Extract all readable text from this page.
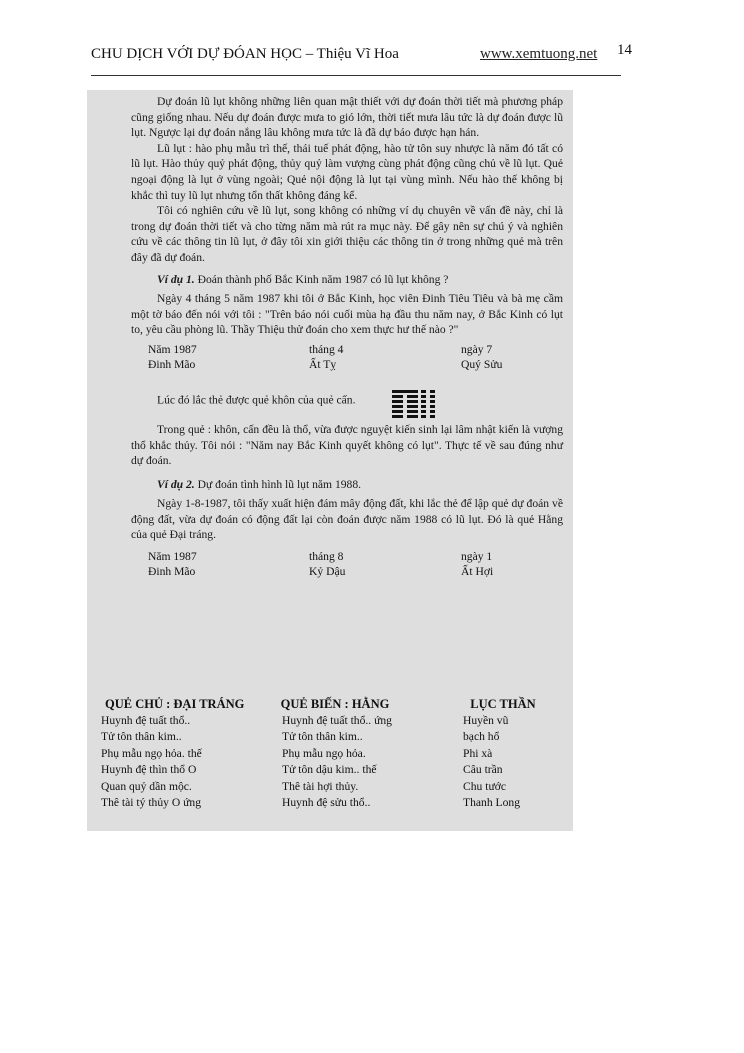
CHU DỊCH VỚI DỰ ĐÓAN HỌC – Thiệu Vĩ Hoa	www.xemtuong.net 14

Dự đoán lũ lụt không những liên quan mật thiết với dự đoán thời tiết mà phương pháp cũng giống nhau. Nếu dự đoán được mưa to gió lớn, thời tiết mưa lâu tức là dự đoán được lũ lụt. Ngược lại dự đoán nắng lâu không mưa tức là đã dự báo được hạn hán.

Lũ lụt : hào phụ mẫu trì thế, thái tuế phát động, hào tử tôn suy nhược là năm đó tất có lũ lụt. Hào thủy quỷ phát động, thủy quỷ làm vượng cùng phát động cũng chủ về lũ lụt. Quẻ ngoại động là lụt ở vùng ngoài; Quẻ nội động là lụt tại vùng mình. Nếu hào thế không bị khắc thì tuy lũ lụt nhưng tổn thất không đáng kể.

Tôi có nghiên cứu về lũ lụt, song không có những ví dụ chuyên về vấn đề này, chỉ là trong dự đoán thời tiết và cho từng năm mà rút ra mục này. Để gây nên sự chú ý và nghiên cứu về các thông tin lũ lụt, ở đây tôi xin giới thiệu các thông tin ở trong những quẻ mà trên đây đã dự đoán.

Ví dụ 1. Đoán thành phố Bắc Kinh năm 1987 có lũ lụt không ?

Ngày 4 tháng 5 năm 1987 khi tôi ở Bắc Kinh, học viên Đinh Tiêu Tiêu và bà mẹ cầm một tờ báo đến nói với tôi : "Trên báo nói cuối mùa hạ đầu thu năm nay, ở Bắc Kinh có lụt to, yêu cầu phòng lũ. Thầy Thiệu thử đoán cho xem thực hư thế nào ?"

Năm 1987	tháng 4	ngày 7
Đinh Mão	Ất Tỵ	Quý Sửu

Lúc đó lắc thẻ được quẻ khôn của quẻ cấn.

Trong quẻ : khôn, cấn đều là thổ, vừa được nguyệt kiến sinh lại lâm nhật kiến là vượng thổ khắc thủy. Tôi nói : "Năm nay Bắc Kinh quyết không có lụt". Thực tế về sau đúng như dự đoán.

Ví dụ 2. Dự đoán tình hình lũ lụt năm 1988.

Ngày 1-8-1987, tôi thấy xuất hiện đám mây động đất, khi lắc thẻ để lập quẻ dự đoán về động đất, vừa dự đoán có động đất lại còn đoán được năm 1988 có lũ lụt. Đó là quẻ Hằng của quẻ Đại tráng.

Năm 1987	tháng 8	ngày 1
Đinh Mão	Kỷ Dậu	Ất Hợi
QUẺ CHỦ : ĐẠI TRÁNG	QUẺ BIẾN : HẰNG	LỤC THẦN
Huynh đệ tuất thổ..	Huynh đệ tuất thổ.. ứng	Huyền vũ
Tử tôn thân kim..	Tử tôn thân kim..	bạch hổ
Phụ mẫu ngọ hỏa. thế	Phụ mẫu ngọ hỏa.	Phi xà
Huynh đệ thìn thổ O	Tử tôn dậu kim.. thế	Câu trần
Quan quỷ dần mộc.	Thê tài hợi thủy.	Chu tước
Thê tài tý thủy O ứng	Huynh đệ sửu thổ..	Thanh Long
